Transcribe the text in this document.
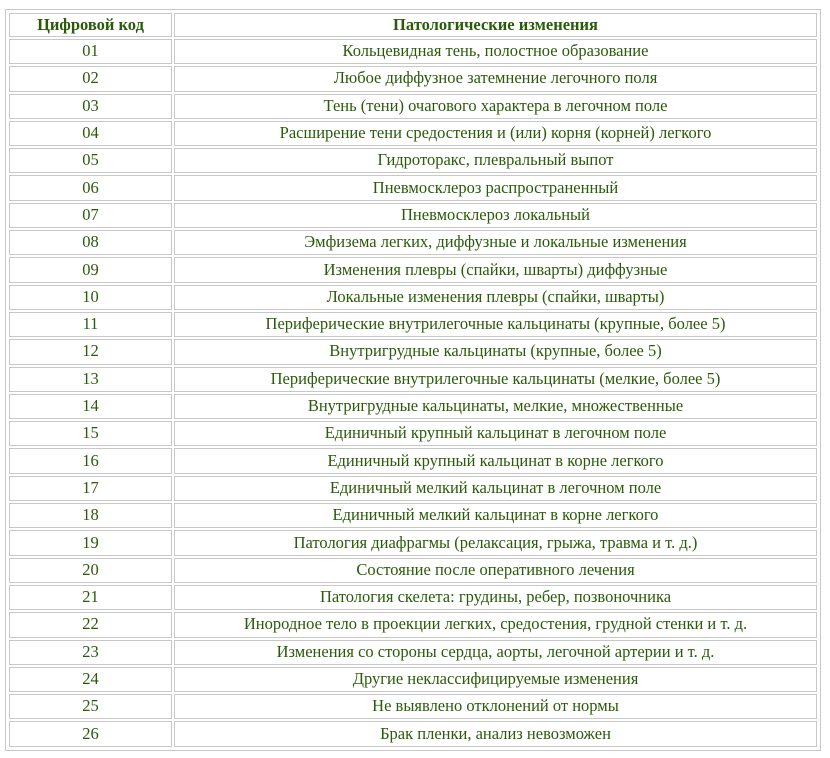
Цифровой код	Патологические изменения
01	Кольцевидная тень, полостное образование
02	Любое диффузное затемнение легочного поля
03	Тень (тени) очагового характера в легочном поле
04	Расширение тени средостения и (или) корня (корней) легкого
05	Гидроторакс, плевральный выпот
06	Пневмосклероз распространенный
07	Пневмосклероз локальный
08	Эмфизема легких, диффузные и локальные изменения
09	Изменения плевры (спайки, шварты) диффузные
10	Локальные изменения плевры (спайки, шварты)
11	Периферические внутрилегочные кальцинаты (крупные, более 5)
12	Внутригрудные кальцинаты (крупные, более 5)
13	Периферические внутрилегочные кальцинаты (мелкие, более 5)
14	Внутригрудные кальцинаты, мелкие, множественные
15	Единичный крупный кальцинат в легочном поле
16	Единичный крупный кальцинат в корне легкого
17	Единичный мелкий кальцинат в легочном поле
18	Единичный мелкий кальцинат в корне легкого
19	Патология диафрагмы (релаксация, грыжа, травма и т. д.)
20	Состояние после оперативного лечения
21	Патология скелета: грудины, ребер, позвоночника
22	Инородное тело в проекции легких, средостения, грудной стенки и т. д.
23	Изменения со стороны сердца, аорты, легочной артерии и т. д.
24	Другие неклассифицируемые изменения
25	Не выявлено отклонений от нормы
26	Брак пленки, анализ невозможен
